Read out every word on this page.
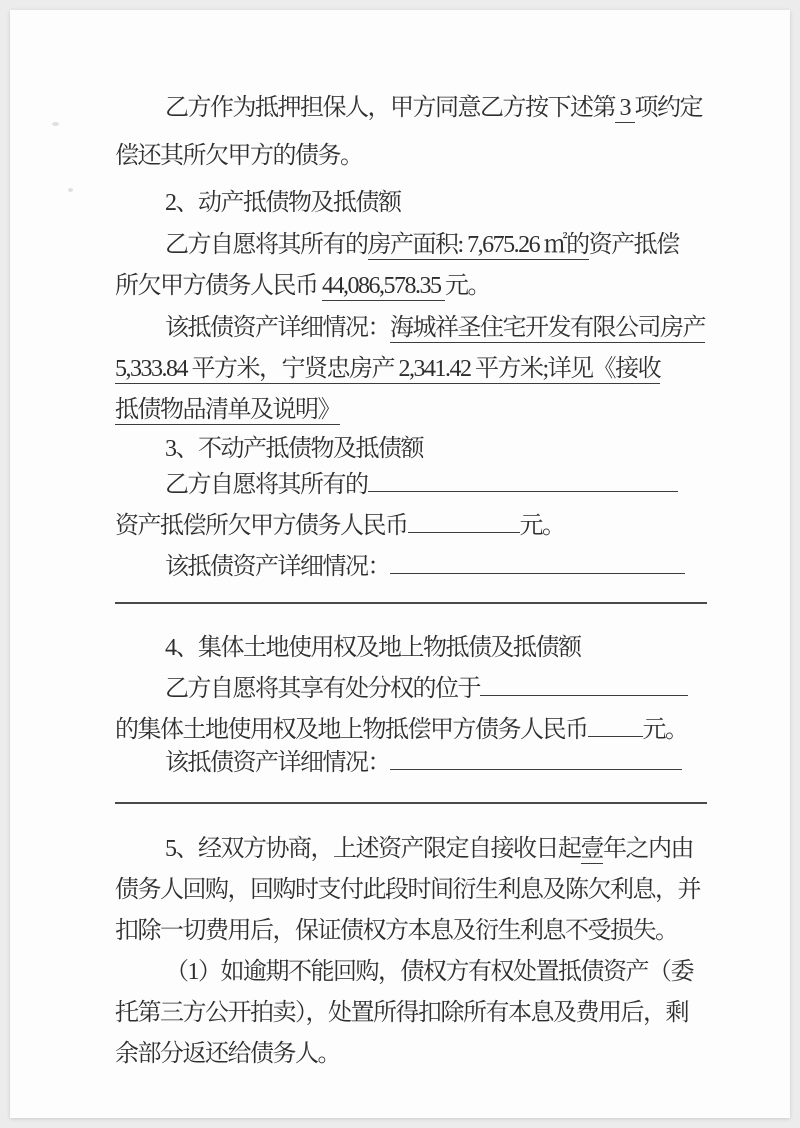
乙方作为抵押担保人，甲方同意乙方按下述第 3 项约定
偿还其所欠甲方的债务。
2、动产抵债物及抵债额
乙方自愿将其所有的房产面积: 7,675.26 ㎡的资产抵偿
所欠甲方债务人民币 44,086,578.35 元。
该抵债资产详细情况：海城祥圣住宅开发有限公司房产
5,333.84 平方米，宁贤忠房产 2,341.42 平方米;详见《接收
抵债物品清单及说明》
3、不动产抵债物及抵债额
乙方自愿将其所有的
资产抵偿所欠甲方债务人民币	元。
该抵债资产详细情况：
4、集体土地使用权及地上物抵债及抵债额
乙方自愿将其享有处分权的位于
的集体土地使用权及地上物抵偿甲方债务人民币 元。
该抵债资产详细情况：
5、经双方协商，上述资产限定自接收日起壹年之内由
债务人回购，回购时支付此段时间衍生利息及陈欠利息，并
扣除一切费用后，保证债权方本息及衍生利息不受损失。
（1）如逾期不能回购，债权方有权处置抵债资产（委
托第三方公开拍卖），处置所得扣除所有本息及费用后，剩
余部分返还给债务人。
